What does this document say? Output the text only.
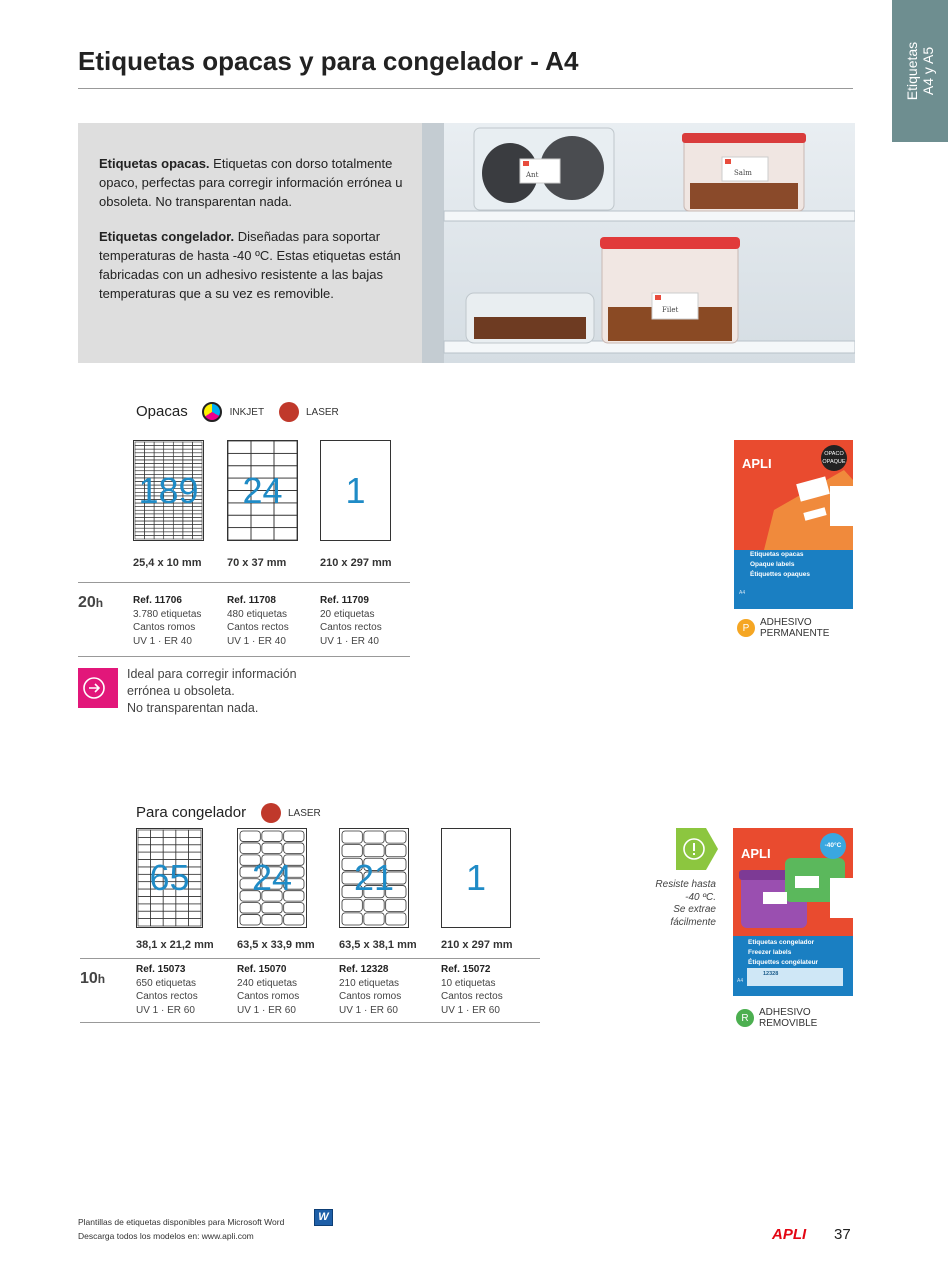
Etiquetas A4 y A5
Etiquetas opacas y para congelador - A4

Etiquetas opacas. Etiquetas con dorso totalmente opaco, perfectas para corregir información errónea u obsoleta. No transparentan nada.

Etiquetas congelador. Diseñadas para soportar temperaturas de hasta -40 ºC. Estas etiquetas están fabricadas con un adhesivo resistente a las bajas temperaturas que a su vez es removible.

Ant	Salm
Filet
Opacas	INKJET	LASER
189	24	1
25,4 x 10 mm 70 x 37 mm	210 x 297 mm
20h	Ref. 11706
3.780 etiquetas
Cantos romos
UV 1 · ER 40
Ref. 11708
480 etiquetas
Cantos rectos
UV 1 · ER 40
Ref. 11709
20 etiquetas
Cantos rectos
UV 1 · ER 40
Ideal para corregir información
errónea u obsoleta.
No transparentan nada.
APLI
OPACO
OPAQUE
Etiquetas opacas
Opaque labels
Étiquettes opaques
A4
P	ADHESIVO
PERMANENTE
Para congelador	LASER
65	24	21	1
38,1 x 21,2 mm 63,5 x 33,9 mm 63,5 x 38,1 mm 210 x 297 mm
10h
Ref. 15073
650 etiquetas
Cantos rectos
UV 1 · ER 60
Ref. 15070
240 etiquetas
Cantos romos
UV 1 · ER 60
Ref. 12328
210 etiquetas
Cantos romos
UV 1 · ER 60
Ref. 15072
10 etiquetas
Cantos rectos
UV 1 · ER 60
Resiste hasta
-40 ºC.
Se extrae
fácilmente
APLI
-40°C
Etiquetas congelador
Freezer labels
Étiquettes congélateur
12328
A4
R	ADHESIVO
REMOVIBLE
Plantillas de etiquetas disponibles para Microsoft Word
Descarga todos los modelos en: www.apli.com
W
APLI 37
